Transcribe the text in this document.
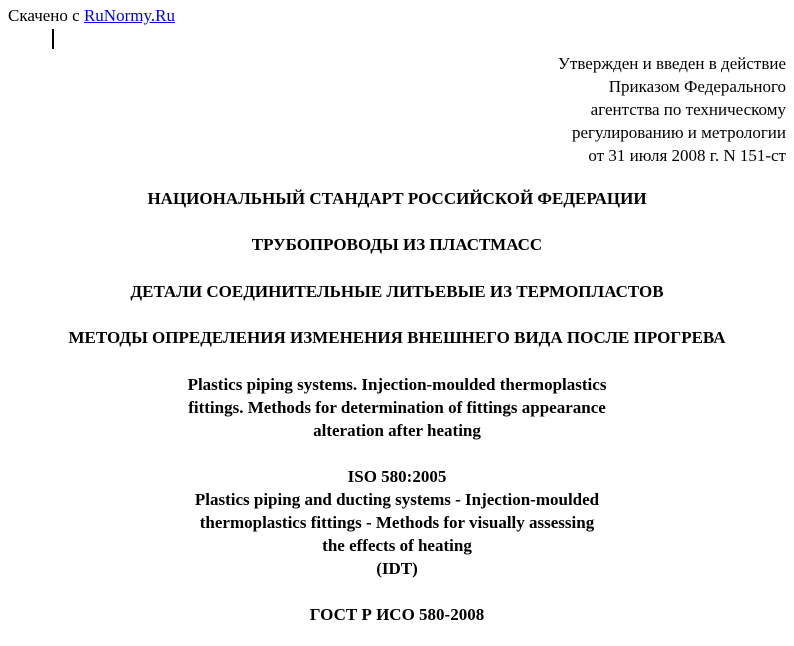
Скачено с RuNormy.Ru
Утвержден и введен в действие
Приказом Федерального
агентства по техническому
регулированию и метрологии
от 31 июля 2008 г. N 151-ст
НАЦИОНАЛЬНЫЙ СТАНДАРТ РОССИЙСКОЙ ФЕДЕРАЦИИ
ТРУБОПРОВОДЫ ИЗ ПЛАСТМАСС
ДЕТАЛИ СОЕДИНИТЕЛЬНЫЕ ЛИТЬЕВЫЕ ИЗ ТЕРМОПЛАСТОВ
МЕТОДЫ ОПРЕДЕЛЕНИЯ ИЗМЕНЕНИЯ ВНЕШНЕГО ВИДА ПОСЛЕ ПРОГРЕВА
Plastics piping systems. Injection-moulded thermoplastics
fittings. Methods for determination of fittings appearance
alteration after heating
ISO 580:2005
Plastics piping and ducting systems - Injection-moulded
thermoplastics fittings - Methods for visually assessing
the effects of heating
(IDT)
ГОСТ Р ИСО 580-2008
